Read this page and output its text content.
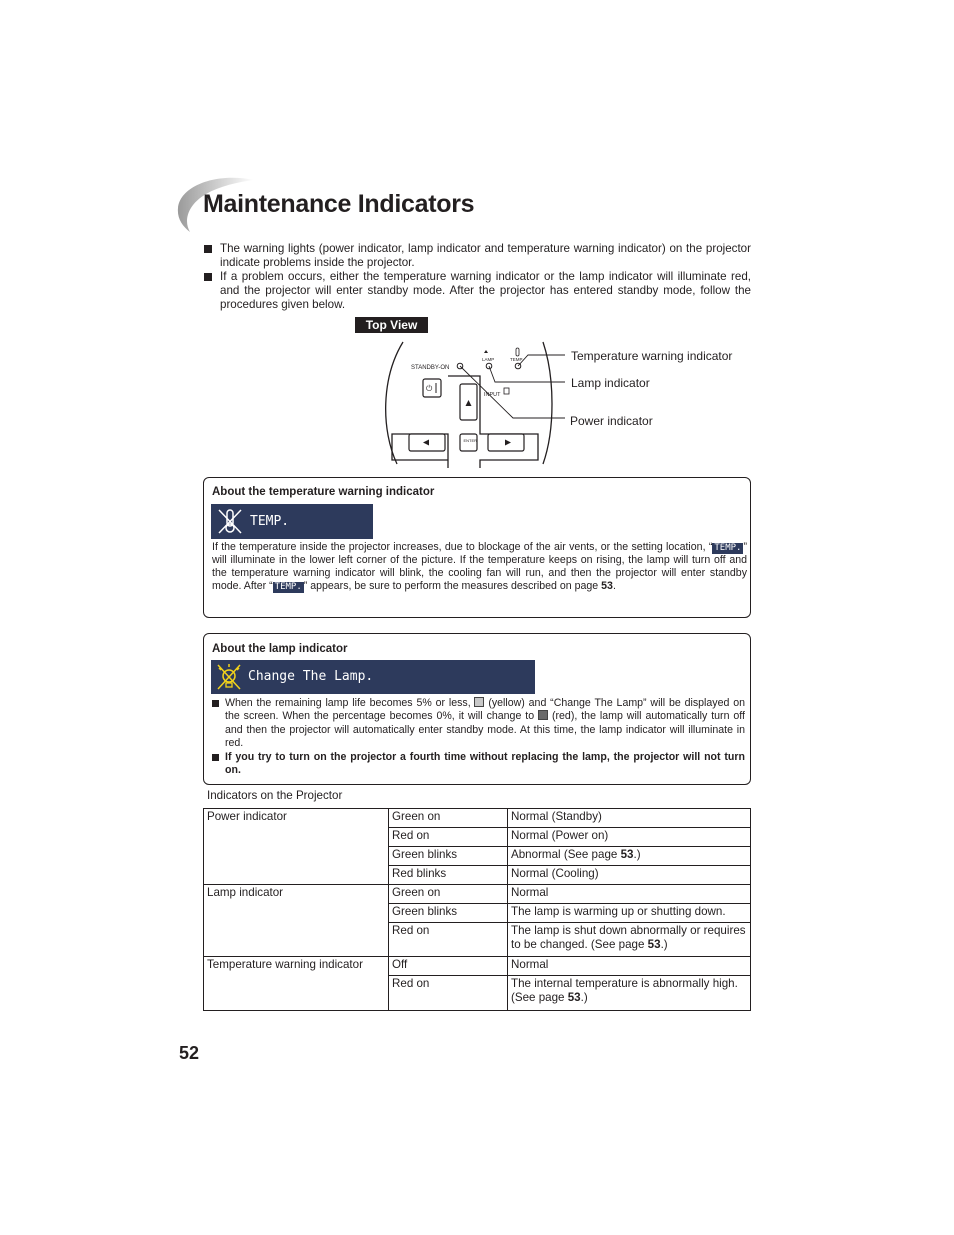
Maintenance Indicators
The warning lights (power indicator, lamp indicator and temperature warning indicator) on the projector indicate problems inside the projector.
If a problem occurs, either the temperature warning indicator or the lamp indicator will illuminate red, and the projector will enter standby mode. After the projector has entered standby mode, follow the procedures given below.
Top View
STANDBY-ON
LAMP	TEMP
⏻
INPUT
ENTER
Temperature warning indicator
Lamp indicator
Power indicator
About the temperature warning indicator
TEMP.
If the temperature inside the projector increases, due to blockage of the air vents, or the setting location, “ TEMP. ” will illuminate in the lower left corner of the picture. If the temperature keeps on rising, the lamp will turn off and the temperature warning indicator will blink, the cooling fan will run, and then the projector will enter standby mode. After “ TEMP. ” appears, be sure to perform the measures described on page 53.
About the lamp indicator
Change The Lamp.
When the remaining lamp life becomes 5% or less,  (yellow) and “Change The Lamp” will be displayed on the screen. When the percentage becomes 0%, it will change to  (red), the lamp will automatically turn off and then the projector will automatically enter standby mode. At this time, the lamp indicator will illuminate in red.
If you try to turn on the projector a fourth time without replacing the lamp, the projector will not turn on.
Indicators on the Projector
Power indicator	Green on	Normal (Standby)
	Red on	Normal (Power on)
	Green blinks	Abnormal (See page 53.)
	Red blinks	Normal (Cooling)
Lamp indicator	Green on	Normal
	Green blinks	The lamp is warming up or shutting down.
	Red on	The lamp is shut down abnormally or requires to be changed. (See page 53.)
Temperature warning indicator	Off	Normal
	Red on	The internal temperature is abnormally high. (See page 53.)
52
